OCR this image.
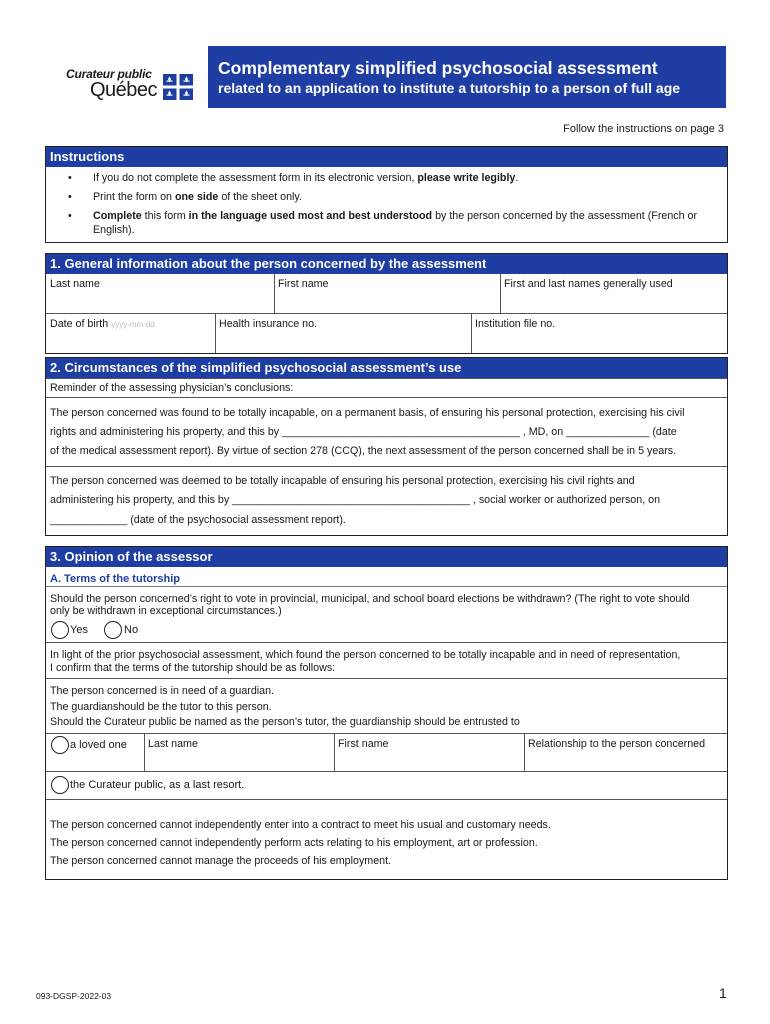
Curateur public
Québec
Complementary simplified psychosocial assessment
related to an application to institute a tutorship to a person of full age
Follow the instructions on page 3
Instructions
• If you do not complete the assessment form in its electronic version, please write legibly.
• Print the form on one side of the sheet only.
• Complete this form in the language used most and best understood by the person concerned by the assessment (French or English).
1. General information about the person concerned by the assessment
Last name	First name	First and last names generally used
Date of birth yyyy-mm-dd	Health insurance no.	Institution file no.
2. Circumstances of the simplified psychosocial assessment’s use
Reminder of the assessing physician’s conclusions:
The person concerned was found to be totally incapable, on a permanent basis, of ensuring his personal protection, exercising his civil
rights and administering his property, and this by ________________________________________ , MD, on ______________ (date
of the medical assessment report). By virtue of section 278 (CCQ), the next assessment of the person concerned shall be in 5 years.
The person concerned was deemed to be totally incapable of ensuring his personal protection, exercising his civil rights and
administering his property, and this by ________________________________________ , social worker or authorized person, on
_____________ (date of the psychosocial assessment report).
3. Opinion of the assessor
A. Terms of the tutorship
Should the person concerned’s right to vote in provincial, municipal, and school board elections be withdrawn? (The right to vote should
only be withdrawn in exceptional circumstances.)
Yes	No
In light of the prior psychosocial assessment, which found the person concerned to be totally incapable and in need of representation,
I confirm that the terms of the tutorship should be as follows:
The person concerned is in need of a guardian.
The guardianshould be the tutor to this person.
Should the Curateur public be named as the person’s tutor, the guardianship should be entrusted to
a loved one	Last name	First name	Relationship to the person concerned
the Curateur public, as a last resort.
The person concerned cannot independently enter into a contract to meet his usual and customary needs.
The person concerned cannot independently perform acts relating to his employment, art or profession.
The person concerned cannot manage the proceeds of his employment.
093-DGSP-2022-03	1
